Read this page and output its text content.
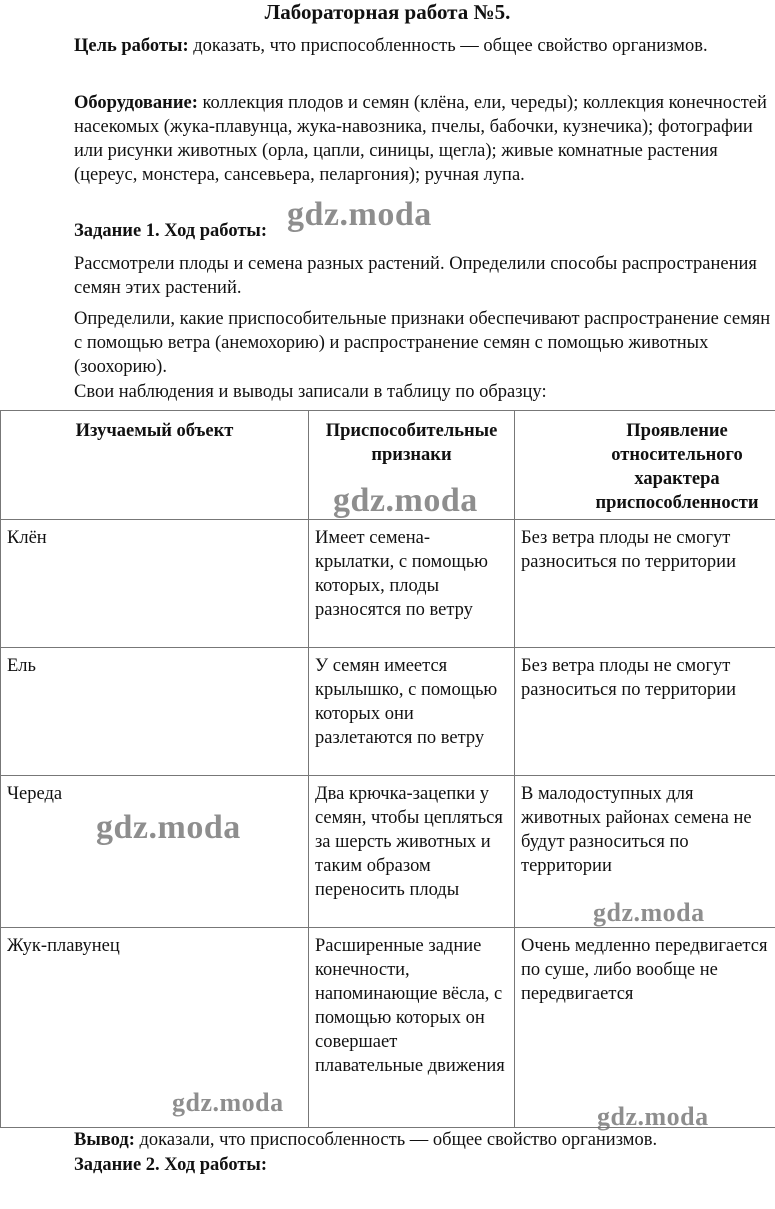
Лабораторная работа №5.

Цель работы: доказать, что приспособленность — общее свойство организмов.

Оборудование: коллекция плодов и семян (клёна, ели, череды); коллекция конечностей насекомых (жука-плавунца, жука-навозника, пчелы, бабочки, кузнечика); фотографии или рисунки животных (орла, цапли, синицы, щегла); живые комнатные растения (цереус, монстера, сансевьера, пеларгония); ручная лупа.

Задание 1. Ход работы:

Рассмотрели плоды и семена разных растений. Определили способы распространения семян этих растений.

Определили, какие приспособительные признаки обеспечивают распространение семян с помощью ветра (анемохорию) и распространение семян с помощью животных (зоохорию).

Свои наблюдения и выводы записали в таблицу по образцу:

Изучаемый объект	Приспособительные признаки	Проявление относительного характера приспособленности
Клён	Имеет семена-крылатки, с помощью которых, плоды разносятся по ветру	Без ветра плоды не смогут разноситься по территории
Ель	У семян имеется крылышко, с помощью которых они разлетаются по ветру	Без ветра плоды не смогут разноситься по территории
Череда	Два крючка-зацепки у семян, чтобы цепляться за шерсть животных и таким образом переносить плоды	В малодоступных для животных районах семена не будут разноситься по территории
Жук-плавунец	Расширенные задние конечности, напоминающие вёсла, с помощью которых он совершает плавательные движения	Очень медленно передвигается по суше, либо вообще не передвигается

Вывод: доказали, что приспособленность — общее свойство организмов.

Задание 2. Ход работы:

gdz.moda
gdz.moda
gdz.moda
gdz.moda
gdz.moda	gdz.moda
